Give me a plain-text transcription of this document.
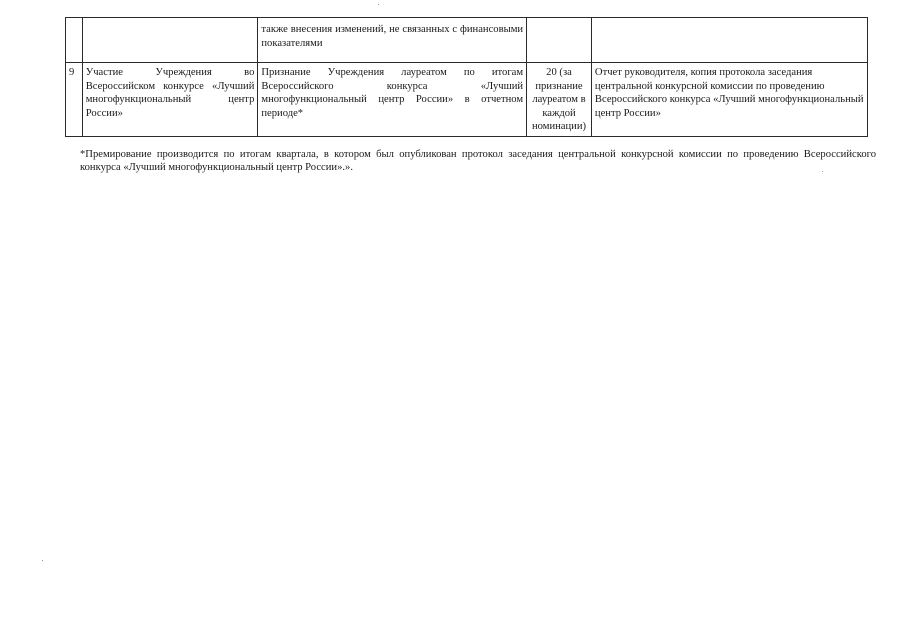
		также внесения изменений, не связанных с финансовыми показателями		
9	Участие Учреждения во Всероссийском конкурсе «Лучший многофункциональный центр России»	Признание Учреждения лауреатом по итогам Всероссийского конкурса «Лучший многофункциональный центр России» в отчетном периоде*	20 (за признание лауреатом в каждой номинации)	Отчет руководителя, копия протокола заседания центральной конкурсной комиссии по проведению Всероссийского конкурса «Лучший многофункциональный центр России»

*Премирование производится по итогам квартала, в котором был опубликован протокол заседания центральной конкурсной комиссии по проведению Всероссийского конкурса «Лучший многофункциональный центр России».».
